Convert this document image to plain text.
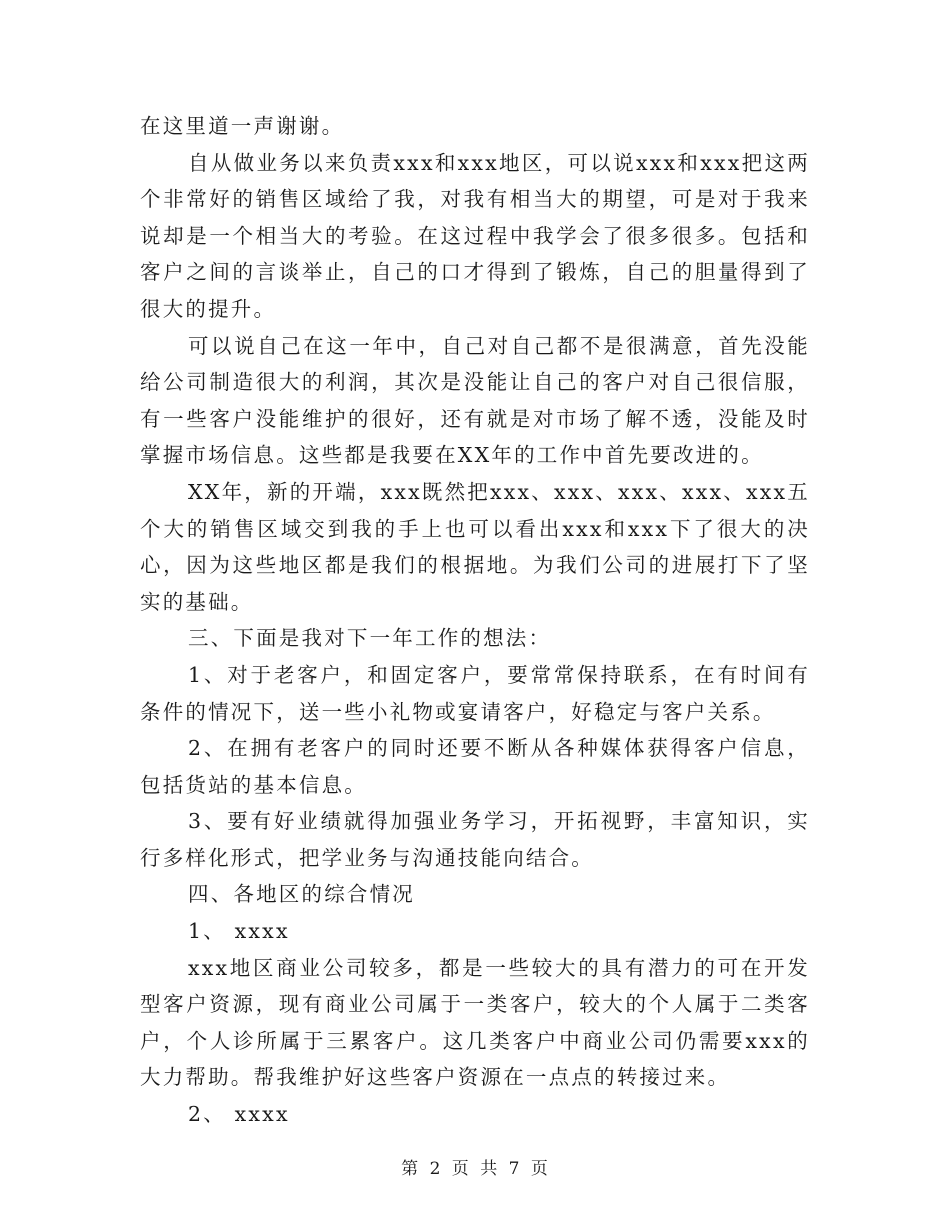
在这里道一声谢谢。

自从做业务以来负责xxx和xxx地区，可以说xxx和xxx把这两个非常好的销售区域给了我，对我有相当大的期望，可是对于我来说却是一个相当大的考验。在这过程中我学会了很多很多。包括和客户之间的言谈举止，自己的口才得到了锻炼，自己的胆量得到了很大的提升。

可以说自己在这一年中，自己对自己都不是很满意，首先没能给公司制造很大的利润，其次是没能让自己的客户对自己很信服，有一些客户没能维护的很好，还有就是对市场了解不透，没能及时掌握市场信息。这些都是我要在XX年的工作中首先要改进的。

XX年，新的开端，xxx既然把xxx、xxx、xxx、xxx、xxx五个大的销售区域交到我的手上也可以看出xxx和xxx下了很大的决心，因为这些地区都是我们的根据地。为我们公司的进展打下了坚实的基础。

三、下面是我对下一年工作的想法：

1、对于老客户，和固定客户，要常常保持联系，在有时间有条件的情况下，送一些小礼物或宴请客户，好稳定与客户关系。

2、在拥有老客户的同时还要不断从各种媒体获得客户信息，包括货站的基本信息。

3、要有好业绩就得加强业务学习，开拓视野，丰富知识，实行多样化形式，把学业务与沟通技能向结合。

四、各地区的综合情况

1、 xxxx

xxx地区商业公司较多，都是一些较大的具有潜力的可在开发型客户资源，现有商业公司属于一类客户，较大的个人属于二类客户，个人诊所属于三累客户。这几类客户中商业公司仍需要xxx的大力帮助。帮我维护好这些客户资源在一点点的转接过来。

2、 xxxx

第 2 页 共 7 页
